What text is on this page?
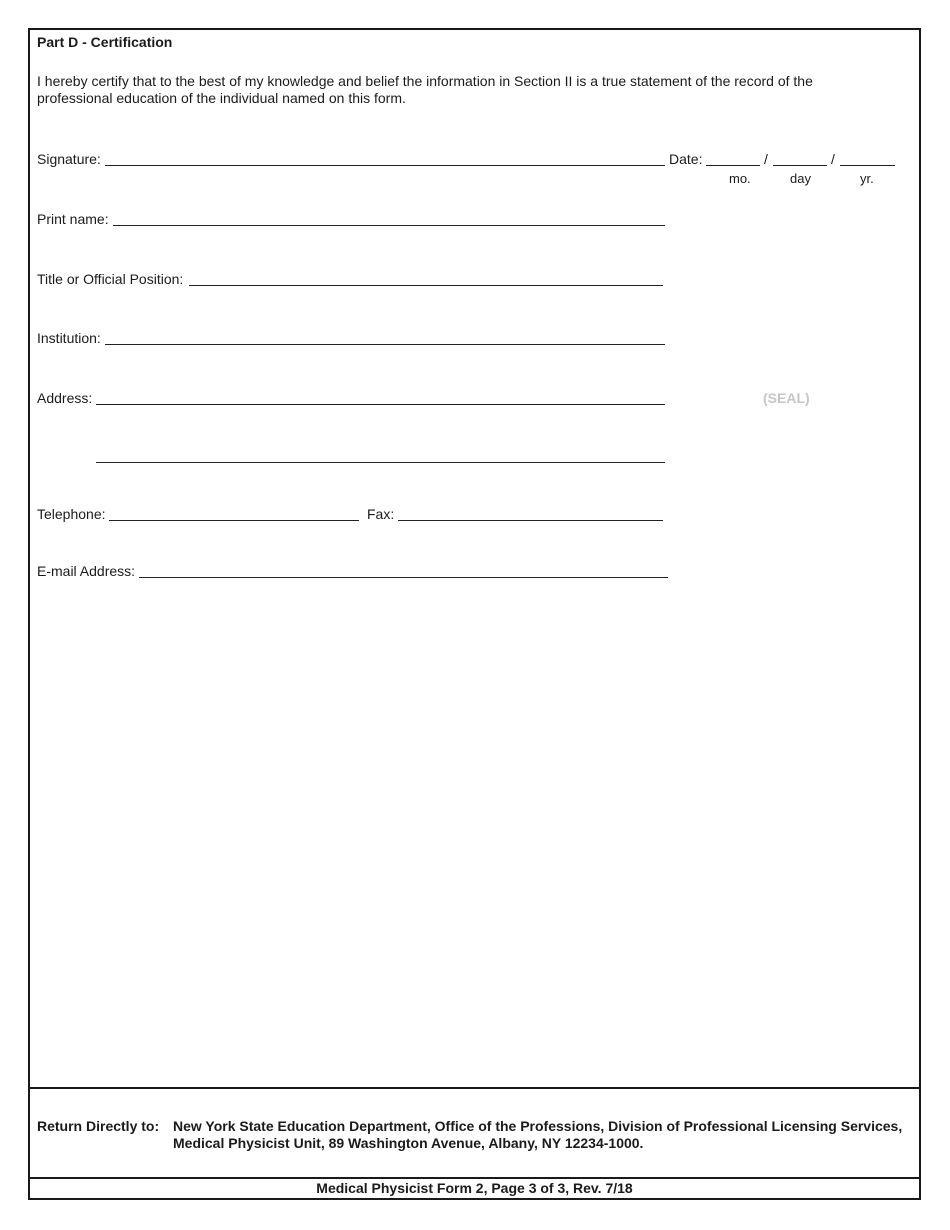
Part D - Certification
I hereby certify that to the best of my knowledge and belief the information in Section II is a true statement of the record of the professional education of the individual named on this form.
Signature:	Date:	/	/
mo.	day	yr.
Print name:
Title or Official Position:
Institution:
Address:	(SEAL)
Telephone:	Fax:
E-mail Address:
Return Directly to: New York State Education Department, Office of the Professions, Division of Professional Licensing Services, Medical Physicist Unit, 89 Washington Avenue, Albany, NY 12234-1000.
Medical Physicist Form 2, Page 3 of 3, Rev. 7/18
